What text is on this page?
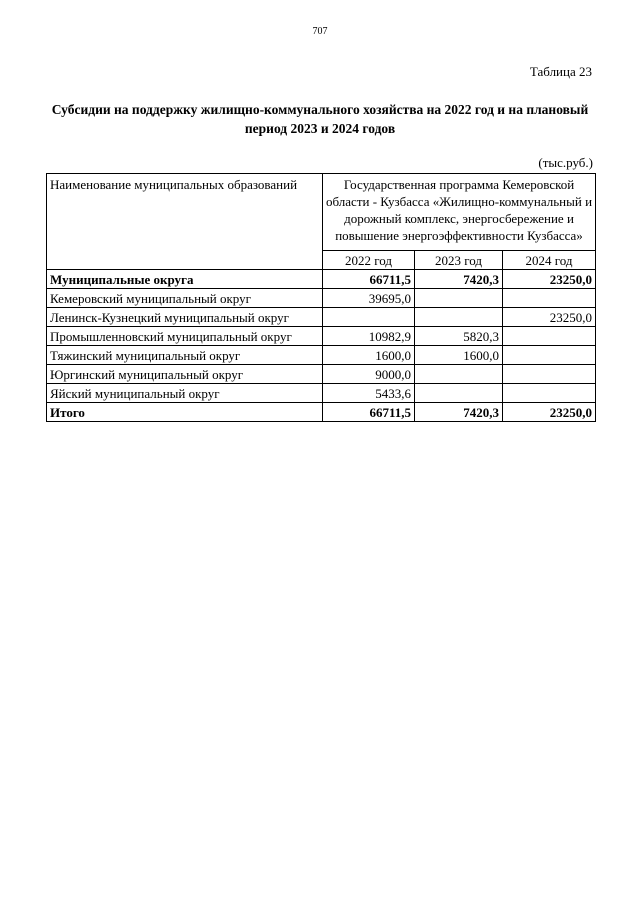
707
Таблица 23
Субсидии на поддержку жилищно-коммунального хозяйства на 2022 год и на плановый период 2023 и 2024 годов
(тыс.руб.)
Наименование муниципальных образований	Государственная программа Кемеровской области - Кузбасса «Жилищно-коммунальный и дорожный комплекс, энергосбережение и повышение энергоэффективности Кузбасса»		
	2022 год	2023 год	2024 год
Муниципальные округа	66711,5	7420,3	23250,0
Кемеровский муниципальный округ	39695,0		
Ленинск-Кузнецкий муниципальный округ			23250,0
Промышленновский муниципальный округ	10982,9	5820,3	
Тяжинский муниципальный округ	1600,0	1600,0	
Юргинский муниципальный округ	9000,0		
Яйский муниципальный округ	5433,6		
Итого	66711,5	7420,3	23250,0
